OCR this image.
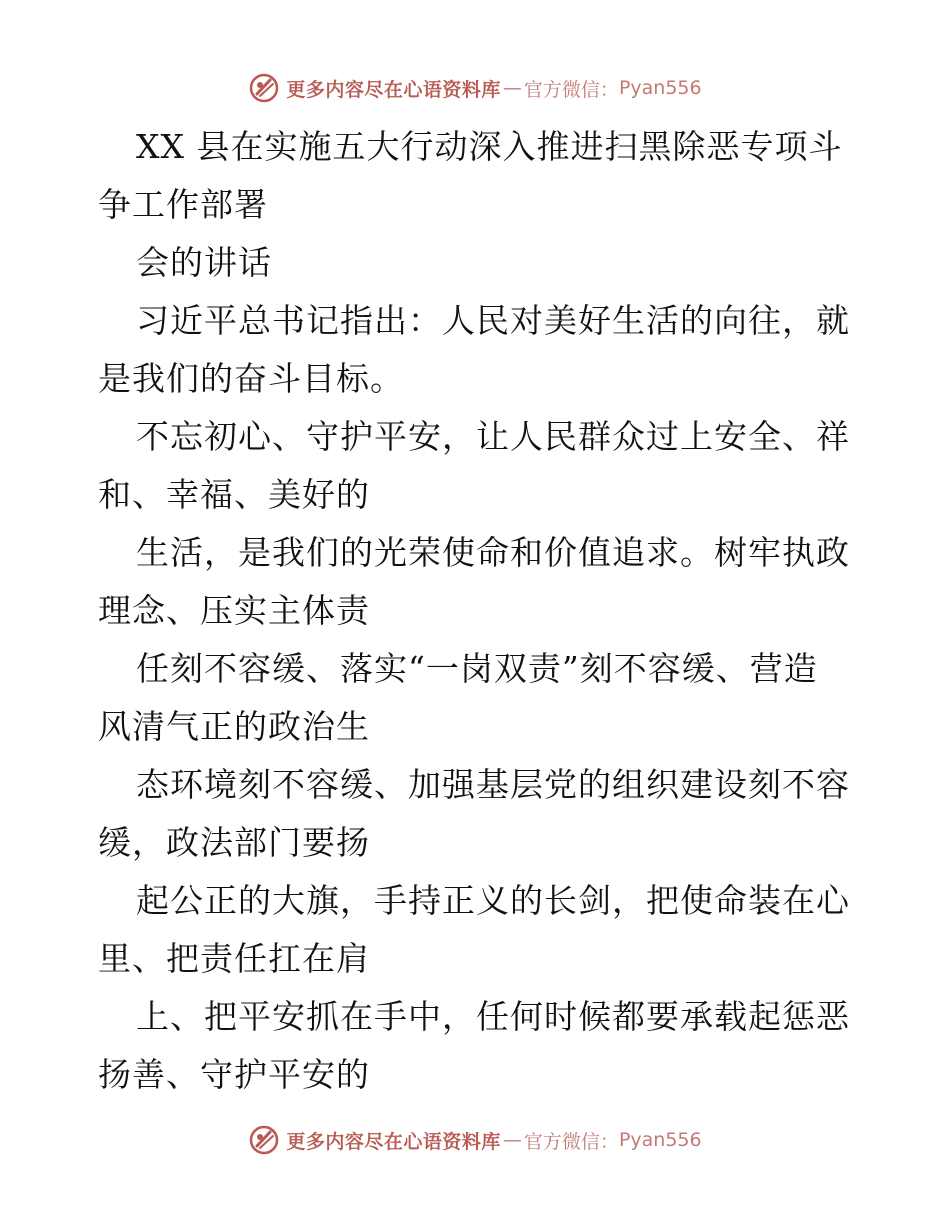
更多内容尽在心语资料库 — 官方微信： Pyan556
XX 县在实施五大行动深入推进扫黑除恶专项斗
争工作部署
会的讲话
习近平总书记指出：人民对美好生活的向往，就
是我们的奋斗目标。
不忘初心、守护平安，让人民群众过上安全、祥
和、幸福、美好的
生活，是我们的光荣使命和价值追求。树牢执政
理念、压实主体责
任刻不容缓、落实“一岗双责”刻不容缓、营造
风清气正的政治生
态环境刻不容缓、加强基层党的组织建设刻不容
缓，政法部门要扬
起公正的大旗，手持正义的长剑，把使命装在心
里、把责任扛在肩
上、把平安抓在手中，任何时候都要承载起惩恶
扬善、守护平安的
更多内容尽在心语资料库 — 官方微信： Pyan556
